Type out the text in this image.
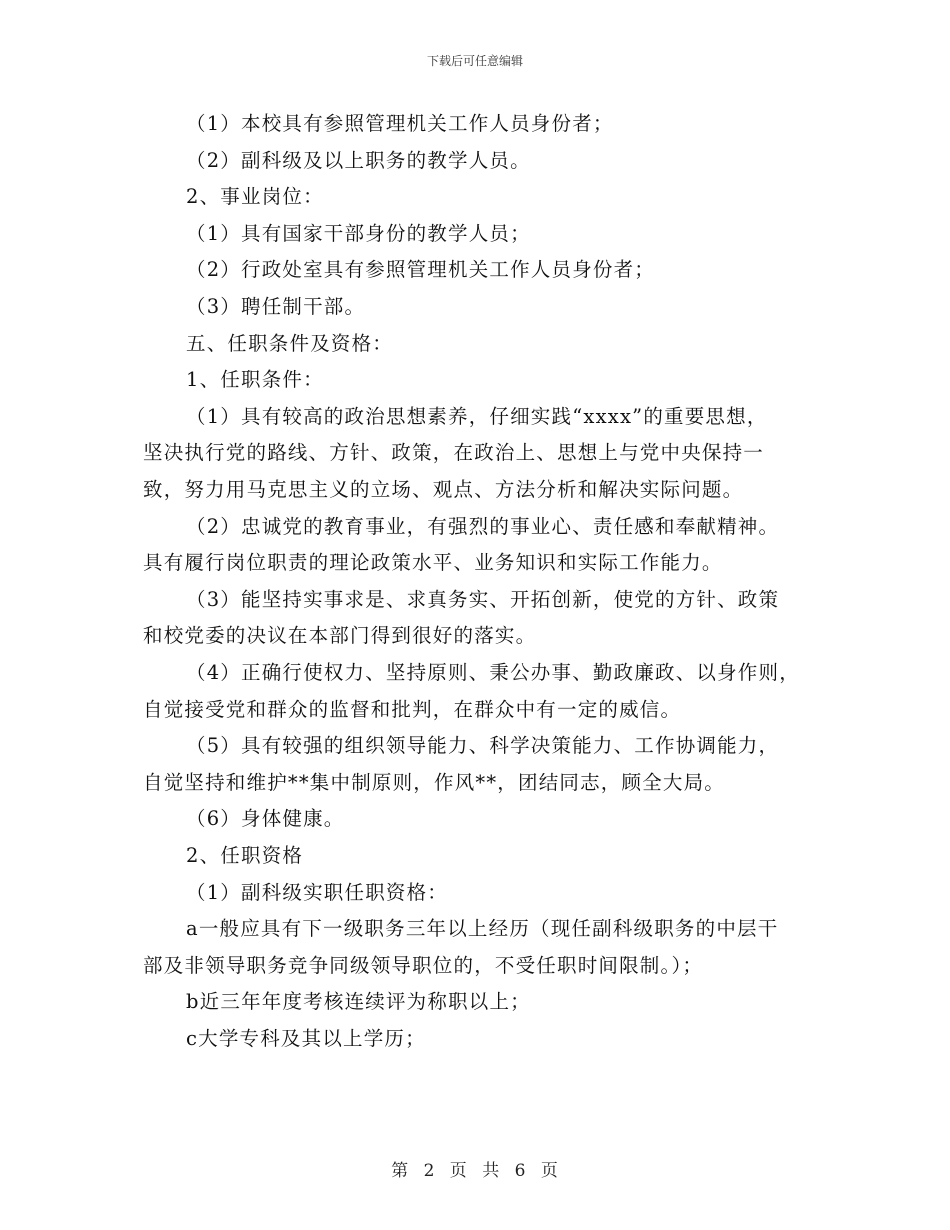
下载后可任意编辑
（1）本校具有参照管理机关工作人员身份者；
（2）副科级及以上职务的教学人员。
2、事业岗位：
（1）具有国家干部身份的教学人员；
（2）行政处室具有参照管理机关工作人员身份者；
（3）聘任制干部。
五、任职条件及资格：
1、任职条件：
（1）具有较高的政治思想素养，仔细实践“xxxx”的重要思想，
坚决执行党的路线、方针、政策，在政治上、思想上与党中央保持一
致，努力用马克思主义的立场、观点、方法分析和解决实际问题。
（2）忠诚党的教育事业，有强烈的事业心、责任感和奉献精神。
具有履行岗位职责的理论政策水平、业务知识和实际工作能力。
（3）能坚持实事求是、求真务实、开拓创新，使党的方针、政策
和校党委的决议在本部门得到很好的落实。
（4）正确行使权力、坚持原则、秉公办事、勤政廉政、以身作则，
自觉接受党和群众的监督和批判，在群众中有一定的威信。
（5）具有较强的组织领导能力、科学决策能力、工作协调能力，
自觉坚持和维护**集中制原则，作风**，团结同志，顾全大局。
（6）身体健康。
2、任职资格
（1）副科级实职任职资格：
a一般应具有下一级职务三年以上经历（现任副科级职务的中层干
部及非领导职务竞争同级领导职位的，不受任职时间限制。）；
b近三年年度考核连续评为称职以上；
c大学专科及其以上学历；
第 2 页 共 6 页
